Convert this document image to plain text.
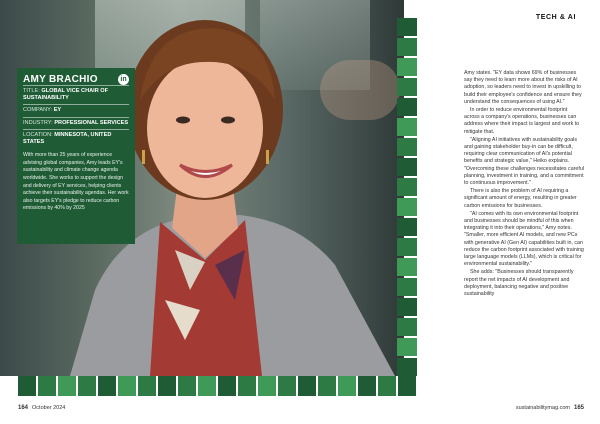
AMY BRACHIO	in
TITLE: GLOBAL VICE CHAIR OF SUSTAINABILITY
COMPANY: EY
INDUSTRY: PROFESSIONAL SERVICES
LOCATION: MINNESOTA, UNITED STATES
With more than 25 years of experience advising global companies, Amy leads EY's sustainability and climate change agenda worldwide. She works to support the design and delivery of EY services, helping clients achieve their sustainability agendas. Her work also targets EY's pledge to reduce carbon emissions by 40% by 2025
TECH & AI

Amy states. "EY data shows 69% of businesses say they need to learn more about the risks of AI adoption, so leaders need to invest in upskilling to build their employee's confidence and ensure they understand the consequences of using AI."

In order to reduce environmental footprint across a company's operations, businesses can address where their impact is largest and work to mitigate that.

"Aligning AI initiatives with sustainability goals and gaining stakeholder buy-in can be difficult, requiring clear communication of AI's potential benefits and strategic value," Heiko explains. "Overcoming these challenges necessitates careful planning, investment in training, and a commitment to continuous improvement."

There is also the problem of AI requiring a significant amount of energy, resulting in greater carbon emissions for businesses.

"AI comes with its own environmental footprint and businesses should be mindful of this when integrating it into their operations," Amy notes. "Smaller, more efficient AI models, and new PCs with generative AI (Gen AI) capabilities built in, can reduce the carbon footprint associated with training large language models (LLMs), which is critical for environmental sustainability."

She adds: "Businesses should transparently report the net impacts of AI development and deployment, balancing negative and positive sustainability

164 October 2024	sustainabilitymag.com 165
